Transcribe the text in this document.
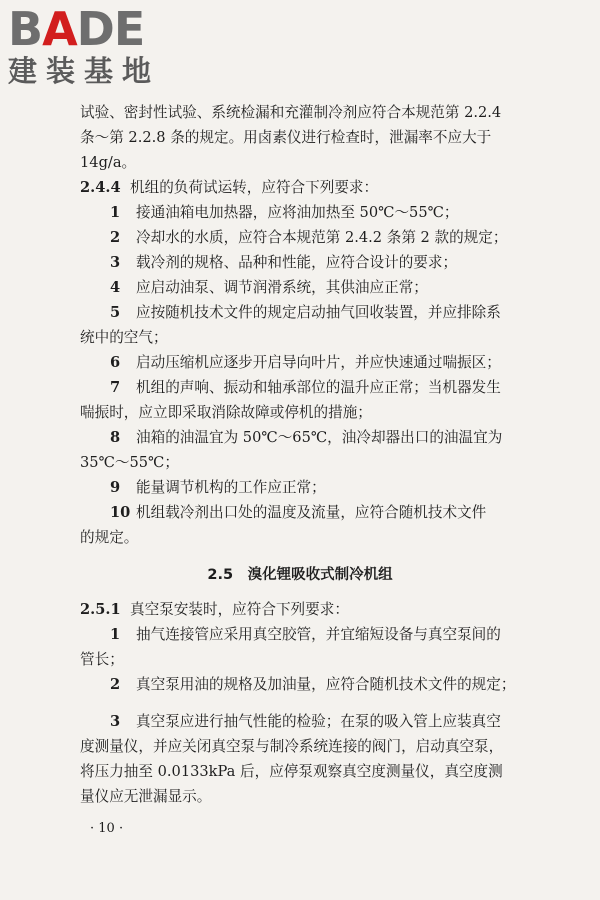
BADE
建装基地
试验、密封性试验、系统检漏和充灌制冷剂应符合本规范第 2.2.4
条～第 2.2.8 条的规定。用卤素仪进行检查时，泄漏率不应大于
14g/a。
2.4.4 机组的负荷试运转，应符合下列要求：
1 接通油箱电加热器，应将油加热至 50℃～55℃；
2 冷却水的水质，应符合本规范第 2.4.2 条第 2 款的规定；
3 载冷剂的规格、品种和性能，应符合设计的要求；
4 应启动油泵、调节润滑系统，其供油应正常；
5 应按随机技术文件的规定启动抽气回收装置，并应排除系
统中的空气；
6 启动压缩机应逐步开启导向叶片，并应快速通过喘振区；
7 机组的声响、振动和轴承部位的温升应正常；当机器发生
喘振时，应立即采取消除故障或停机的措施；
8 油箱的油温宜为 50℃～65℃，油冷却器出口的油温宜为
35℃～55℃；
9 能量调节机构的工作应正常；
10 机组载冷剂出口处的温度及流量，应符合随机技术文件
的规定。
2.5　溴化锂吸收式制冷机组
2.5.1 真空泵安装时，应符合下列要求：
1 抽气连接管应采用真空胶管，并宜缩短设备与真空泵间的
管长；
2 真空泵用油的规格及加油量，应符合随机技术文件的规定；
3 真空泵应进行抽气性能的检验；在泵的吸入管上应装真空
度测量仪，并应关闭真空泵与制冷系统连接的阀门，启动真空泵，
将压力抽至 0.0133kPa 后，应停泵观察真空度测量仪，真空度测
量仪应无泄漏显示。
· 10 ·
